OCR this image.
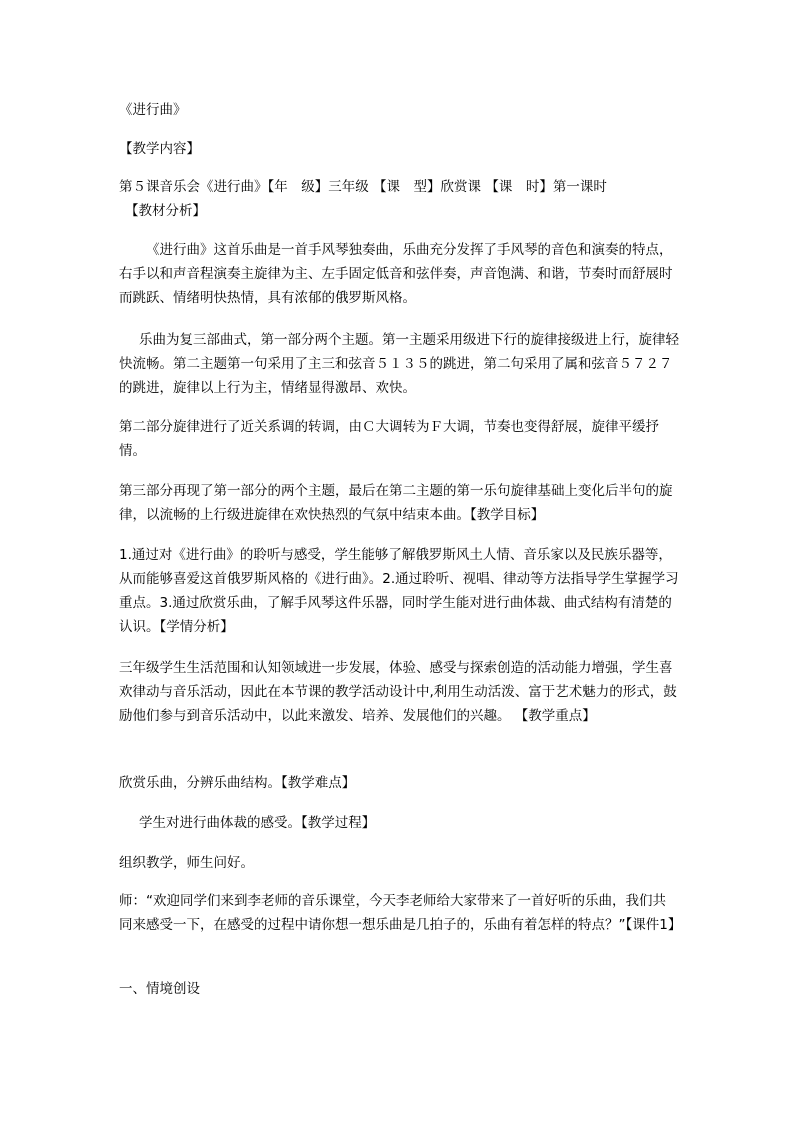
《进行曲》

【教学内容】

第５课音乐会《进行曲》【年　级】三年级 【课　型】欣赏课 【课　时】第一课时

【教材分析】

《进行曲》这首乐曲是一首手风琴独奏曲，乐曲充分发挥了手风琴的音色和演奏的特点，右手以和声音程演奏主旋律为主、左手固定低音和弦伴奏，声音饱满、和谐，节奏时而舒展时而跳跃、情绪明快热情，具有浓郁的俄罗斯风格。

乐曲为复三部曲式，第一部分两个主题。第一主题采用级进下行的旋律接级进上行，旋律轻快流畅。第二主题第一句采用了主三和弦音５１３５的跳进，第二句采用了属和弦音５７２７的跳进，旋律以上行为主，情绪显得激昂、欢快。

第二部分旋律进行了近关系调的转调，由Ｃ大调转为Ｆ大调，节奏也变得舒展，旋律平缓抒情。

第三部分再现了第一部分的两个主题，最后在第二主题的第一乐句旋律基础上变化后半句的旋律，以流畅的上行级进旋律在欢快热烈的气氛中结束本曲。【教学目标】

1.通过对《进行曲》的聆听与感受，学生能够了解俄罗斯风土人情、音乐家以及民族乐器等，从而能够喜爱这首俄罗斯风格的《进行曲》。2.通过聆听、视唱、律动等方法指导学生掌握学习重点。3.通过欣赏乐曲，了解手风琴这件乐器，同时学生能对进行曲体裁、曲式结构有清楚的认识。【学情分析】

三年级学生生活范围和认知领域进一步发展，体验、感受与探索创造的活动能力增强，学生喜欢律动与音乐活动，因此在本节课的教学活动设计中,利用生动活泼、富于艺术魅力的形式，鼓励他们参与到音乐活动中，以此来激发、培养、发展他们的兴趣。 【教学重点】

欣赏乐曲，分辨乐曲结构。【教学难点】

学生对进行曲体裁的感受。【教学过程】

组织教学，师生问好。

师：“欢迎同学们来到李老师的音乐课堂，今天李老师给大家带来了一首好听的乐曲，我们共同来感受一下，在感受的过程中请你想一想乐曲是几拍子的，乐曲有着怎样的特点？”【课件1】

一、情境创设
